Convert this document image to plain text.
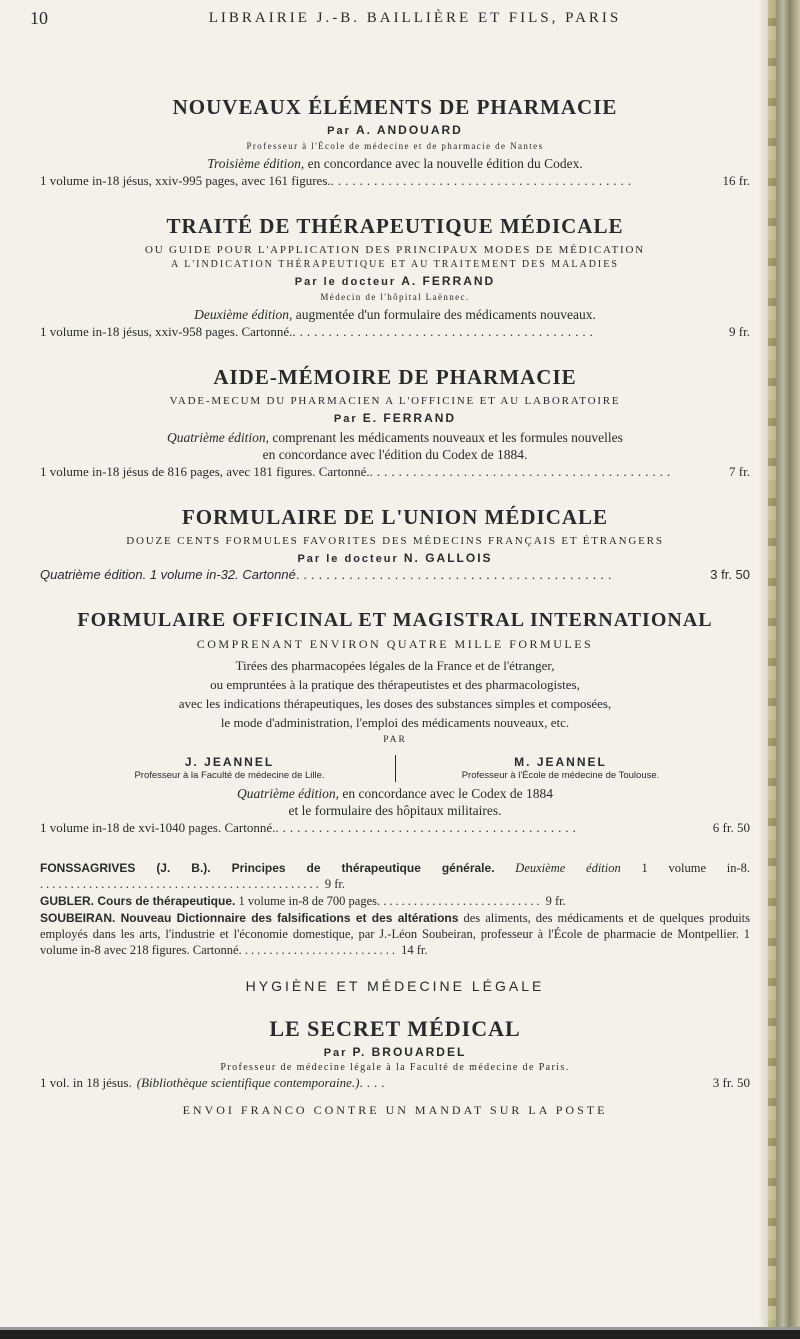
10	LIBRAIRIE J.-B. BAILLIÈRE ET FILS, PARIS
NOUVEAUX ÉLÉMENTS DE PHARMACIE

Par A. ANDOUARD

Professeur à l'École de médecine et de pharmacie de Nantes

Troisième édition, en concordance avec la nouvelle édition du Codex.

1 volume in-18 jésus, xxiv-995 pages, avec 161 figures. ..........................................	16 fr.

TRAITÉ DE THÉRAPEUTIQUE MÉDICALE

OU GUIDE POUR L'APPLICATION DES PRINCIPAUX MODES DE MÉDICATION

A L'INDICATION THÉRAPEUTIQUE ET AU TRAITEMENT DES MALADIES

Par le docteur A. FERRAND

Médecin de l'hôpital Laënnec.

Deuxième édition, augmentée d'un formulaire des médicaments nouveaux.

1 volume in-18 jésus, xxiv-958 pages. Cartonné. ..........................................	9 fr.

AIDE-MÉMOIRE DE PHARMACIE

VADE-MECUM DU PHARMACIEN A L'OFFICINE ET AU LABORATOIRE

Par E. FERRAND

Quatrième édition, comprenant les médicaments nouveaux et les formules nouvelles

en concordance avec l'édition du Codex de 1884.

1 volume in-18 jésus de 816 pages, avec 181 figures. Cartonné. ..........................................	7 fr.

FORMULAIRE DE L'UNION MÉDICALE

DOUZE CENTS FORMULES FAVORITES DES MÉDECINS FRANÇAIS ET ÉTRANGERS

Par le docteur N. GALLOIS

Quatrième édition. 1 volume in-32. Cartonné ..........................................	3 fr. 50

FORMULAIRE OFFICINAL ET MAGISTRAL INTERNATIONAL

COMPRENANT ENVIRON QUATRE MILLE FORMULES

Tirées des pharmacopées légales de la France et de l'étranger,

ou empruntées à la pratique des thérapeutistes et des pharmacologistes,

avec les indications thérapeutiques, les doses des substances simples et composées,

le mode d'administration, l'emploi des médicaments nouveaux, etc.

PAR

J. JEANNEL
Professeur à la Faculté de médecine de Lille.
M. JEANNEL
Professeur à l'École de médecine de Toulouse.

Quatrième édition, en concordance avec le Codex de 1884

et le formulaire des hôpitaux militaires.

1 volume in-18 de xvi-1040 pages. Cartonné. ..........................................	6 fr. 50

FONSSAGRIVES (J. B.). Principes de thérapeutique générale. Deuxième édition 1 volume in-8. .............................................. 9 fr.
GUBLER. Cours de thérapeutique. 1 volume in-8 de 700 pages. .......................... 9 fr.
SOUBEIRAN. Nouveau Dictionnaire des falsifications et des altérations des aliments, des médicaments et de quelques produits employés dans les arts, l'industrie et l'économie domestique, par J.-Léon Soubeiran, professeur à l'École de pharmacie de Montpellier. 1 volume in-8 avec 218 figures. Cartonné. ......................... 14 fr.
HYGIÈNE ET MÉDECINE LÉGALE
LE SECRET MÉDICAL

Par P. BROUARDEL

Professeur de médecine légale à la Faculté de médecine de Paris.

1 vol. in 18 jésus. (Bibliothèque scientifique contemporaine.) ....	3 fr. 50

ENVOI FRANCO CONTRE UN MANDAT SUR LA POSTE
